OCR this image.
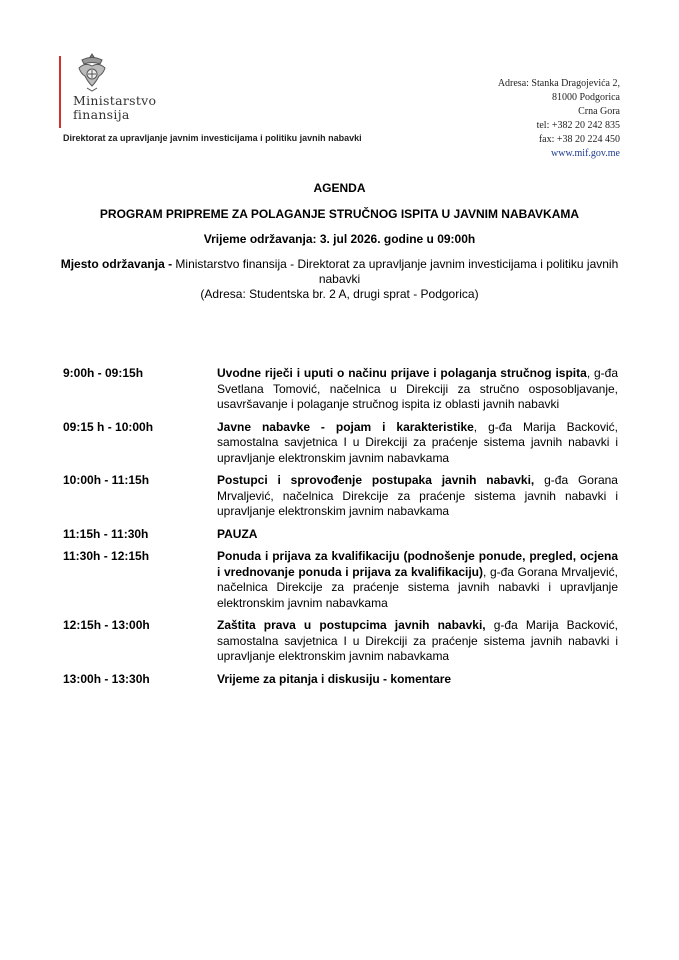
Ministarstvo
finansija
Direktorat za upravljanje javnim investicijama i politiku javnih nabavki
Adresa: Stanka Dragojevića 2,
81000 Podgorica
Crna Gora
tel: +382 20 242 835
fax: +38 20 224 450
www.mif.gov.me
AGENDA
PROGRAM PRIPREME ZA POLAGANJE STRUČNOG ISPITA U JAVNIM NABAVKAMA
Vrijeme održavanja: 3. jul 2026. godine u 09:00h
Mjesto održavanja - Ministarstvo finansija - Direktorat za upravljanje javnim investicijama i politiku javnih nabavki
(Adresa: Studentska br. 2 A, drugi sprat - Podgorica)
9:00h - 09:15h	Uvodne riječi i uputi o načinu prijave i polaganja stručnog ispita, g-đa Svetlana Tomović, načelnica u Direkciji za stručno osposobljavanje, usavršavanje i polaganje stručnog ispita iz oblasti javnih nabavki
09:15 h - 10:00h	Javne nabavke - pojam i karakteristike, g-đa Marija Backović, samostalna savjetnica I u Direkciji za praćenje sistema javnih nabavki i upravljanje elektronskim javnim nabavkama
10:00h - 11:15h	Postupci i sprovođenje postupaka javnih nabavki, g-đa Gorana Mrvaljević, načelnica Direkcije za praćenje sistema javnih nabavki i upravljanje elektronskim javnim nabavkama
11:15h - 11:30h	PAUZA
11:30h - 12:15h	Ponuda i prijava za kvalifikaciju (podnošenje ponude, pregled, ocjena i vrednovanje ponuda i prijava za kvalifikaciju), g-đa Gorana Mrvaljević, načelnica Direkcije za praćenje sistema javnih nabavki i upravljanje elektronskim javnim nabavkama
12:15h - 13:00h	Zaštita prava u postupcima javnih nabavki, g-đa Marija Backović, samostalna savjetnica I u Direkciji za praćenje sistema javnih nabavki i upravljanje elektronskim javnim nabavkama
13:00h - 13:30h	Vrijeme za pitanja i diskusiju - komentare
